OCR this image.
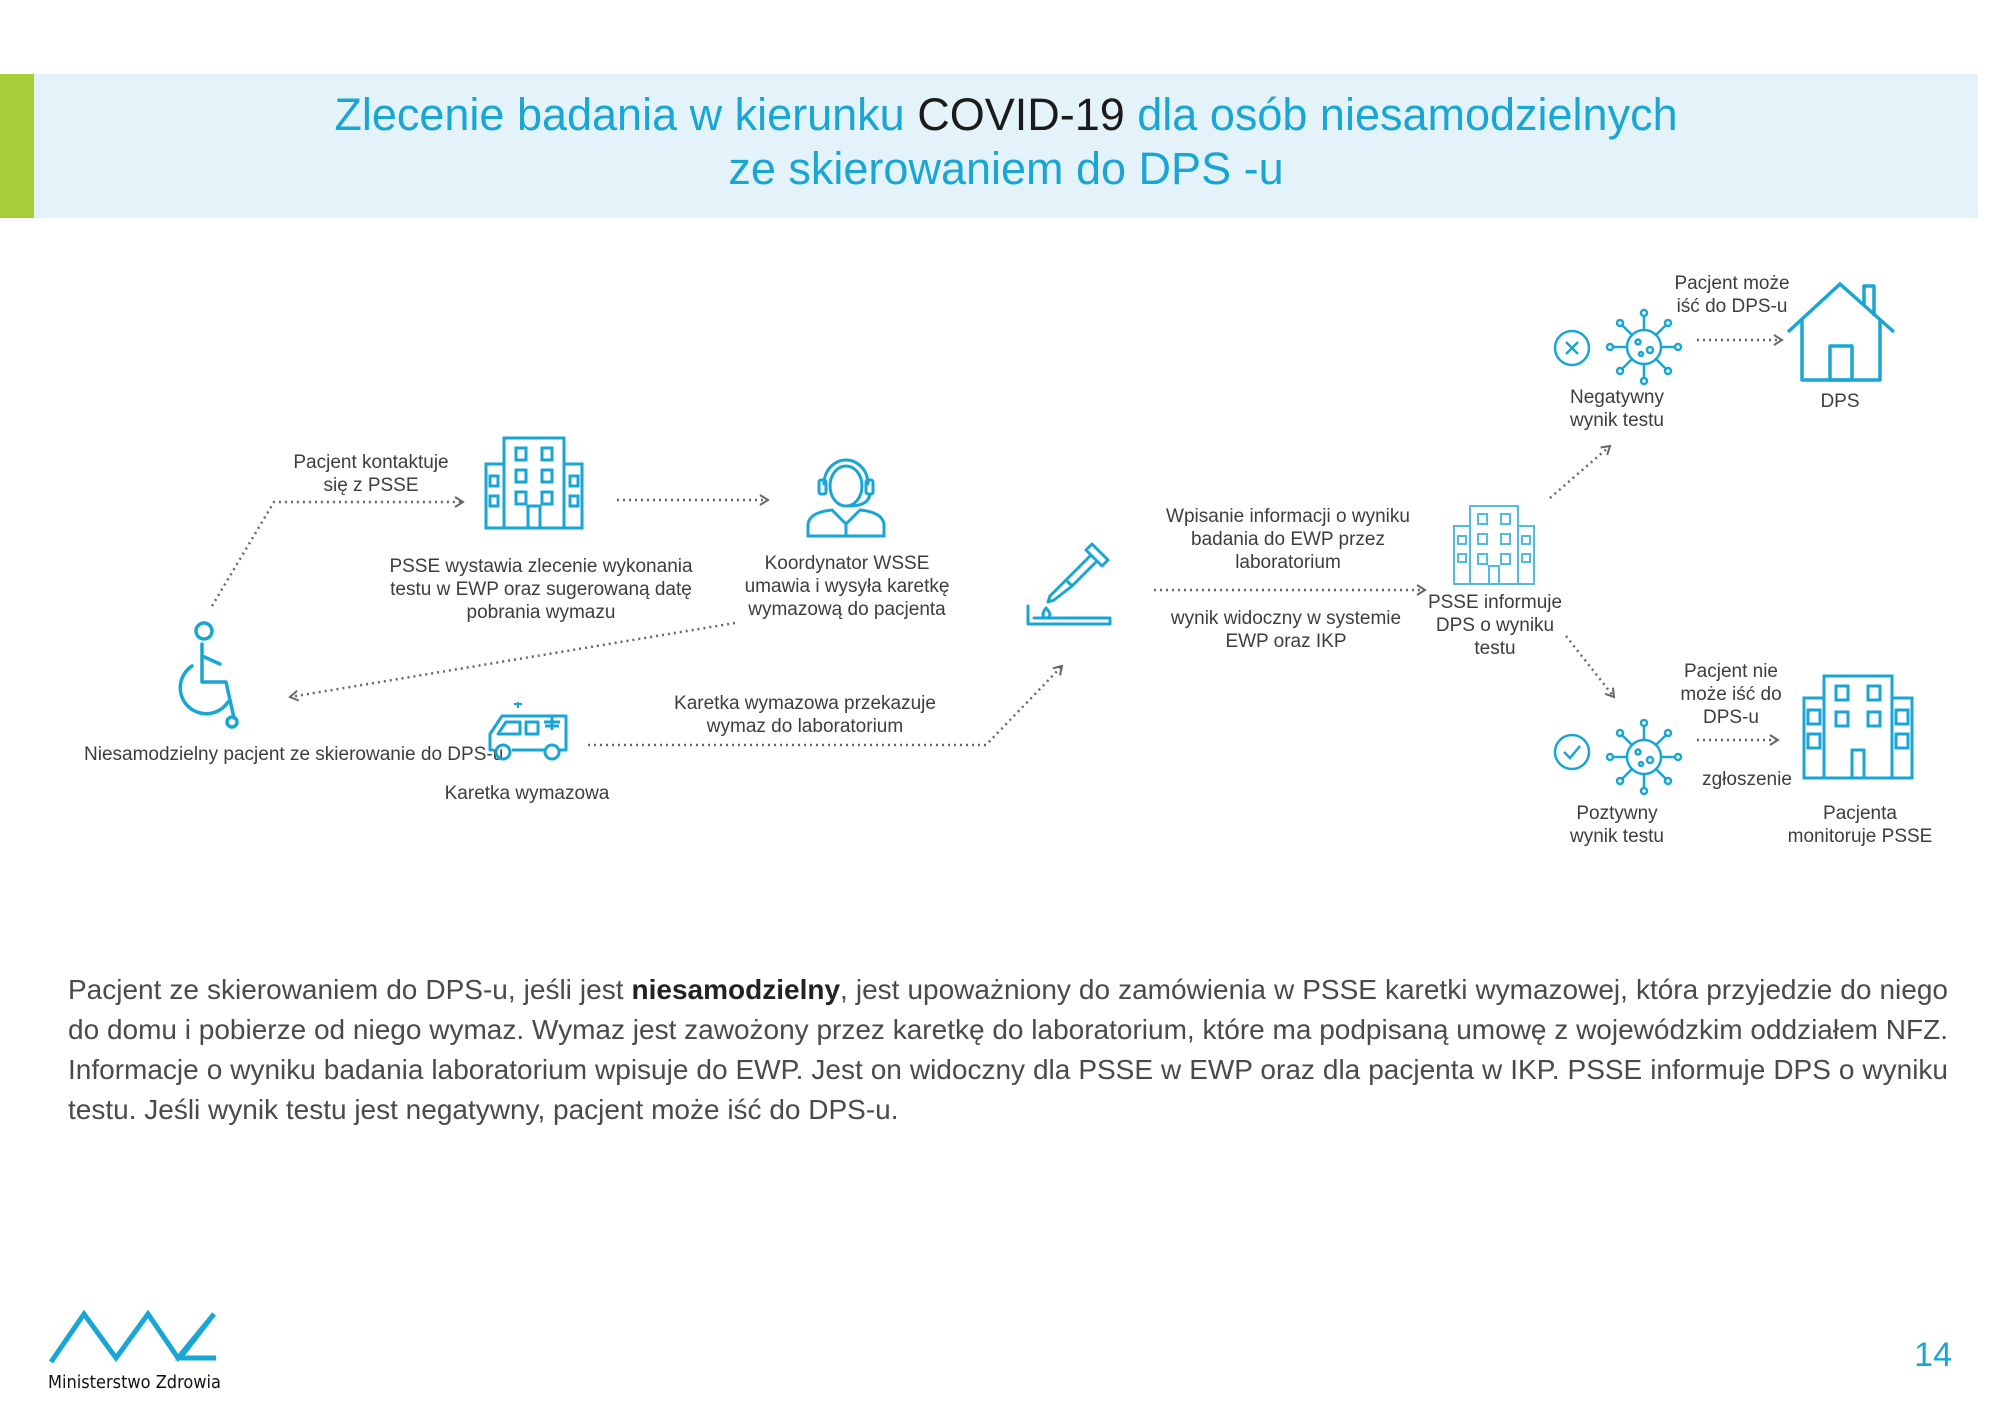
Zlecenie badania w kierunku COVID-19 dla osób niesamodzielnych
ze skierowaniem do DPS -u
Niesamodzielny pacjent ze skierowanie do DPS-u
Pacjent kontaktuje się z PSSE
PSSE wystawia zlecenie wykonania testu w EWP oraz sugerowaną datę pobrania wymazu
Koordynator WSSE umawia i wysyła karetkę wymazową do pacjenta
Karetka wymazowa
Karetka wymazowa przekazuje wymaz do laboratorium
Wpisanie informacji o wyniku badania do EWP przez laboratorium
wynik widoczny w systemie EWP oraz IKP
PSSE informuje DPS o wyniku testu
Negatywny wynik testu
Pacjent może iść do DPS-u
DPS
Poztywny wynik testu
Pacjent nie może iść do DPS-u
zgłoszenie
Pacjenta monitoruje PSSE
Pacjent ze skierowaniem do DPS-u, jeśli jest niesamodzielny, jest upoważniony do zamówienia w PSSE karetki wymazowej, która przyjedzie do niego do domu i pobierze od niego wymaz. Wymaz jest zawożony przez karetkę do laboratorium, które ma podpisaną umowę z wojewódzkim oddziałem NFZ. Informacje o wyniku badania laboratorium wpisuje do EWP. Jest on widoczny dla PSSE w EWP oraz dla pacjenta w IKP. PSSE informuje DPS o wyniku testu. Jeśli wynik testu jest negatywny, pacjent może iść do DPS-u.
Ministerstwo Zdrowia
14
